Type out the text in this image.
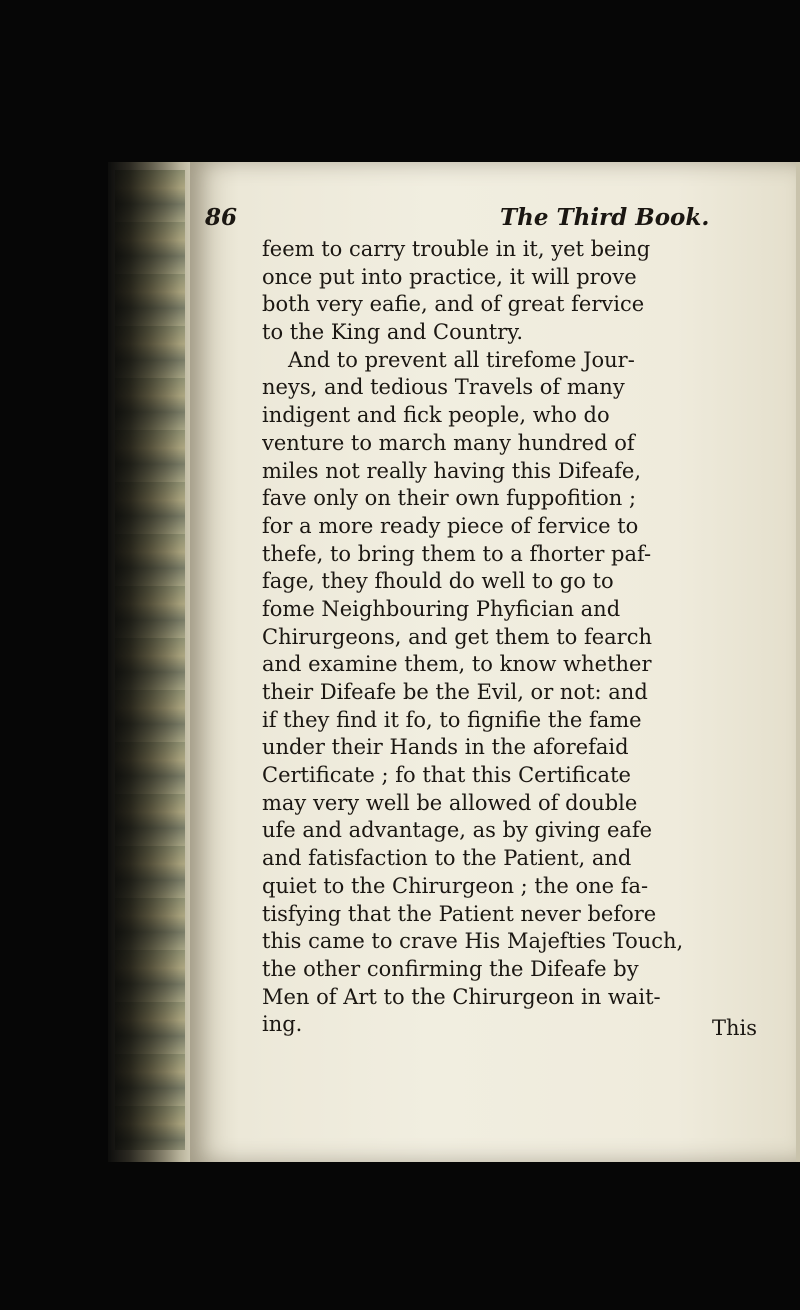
86	The Third Book.
feem to carry trouble in it, yet being
once put into practice, it will prove
both very eafie, and of great fervice
to the King and Country.
And to prevent all tirefome Jour-
neys, and tedious Travels of many
indigent and fick people, who do
venture to march many hundred of
miles not really having this Difeafe,
fave only on their own fuppofition ;
for a more ready piece of fervice to
thefe, to bring them to a fhorter paf-
fage, they fhould do well to go to
fome Neighbouring Phyfician and
Chirurgeons, and get them to fearch
and examine them, to know whether
their Difeafe be the Evil, or not: and
if they find it fo, to fignifie the fame
under their Hands in the aforefaid
Certificate ; fo that this Certificate
may very well be allowed of double
ufe and advantage, as by giving eafe
and fatisfaction to the Patient, and
quiet to the Chirurgeon ; the one fa-
tisfying that the Patient never before
this came to crave His Majefties Touch,
the other confirming the Difeafe by
Men of Art to the Chirurgeon in wait-
ing.	This
